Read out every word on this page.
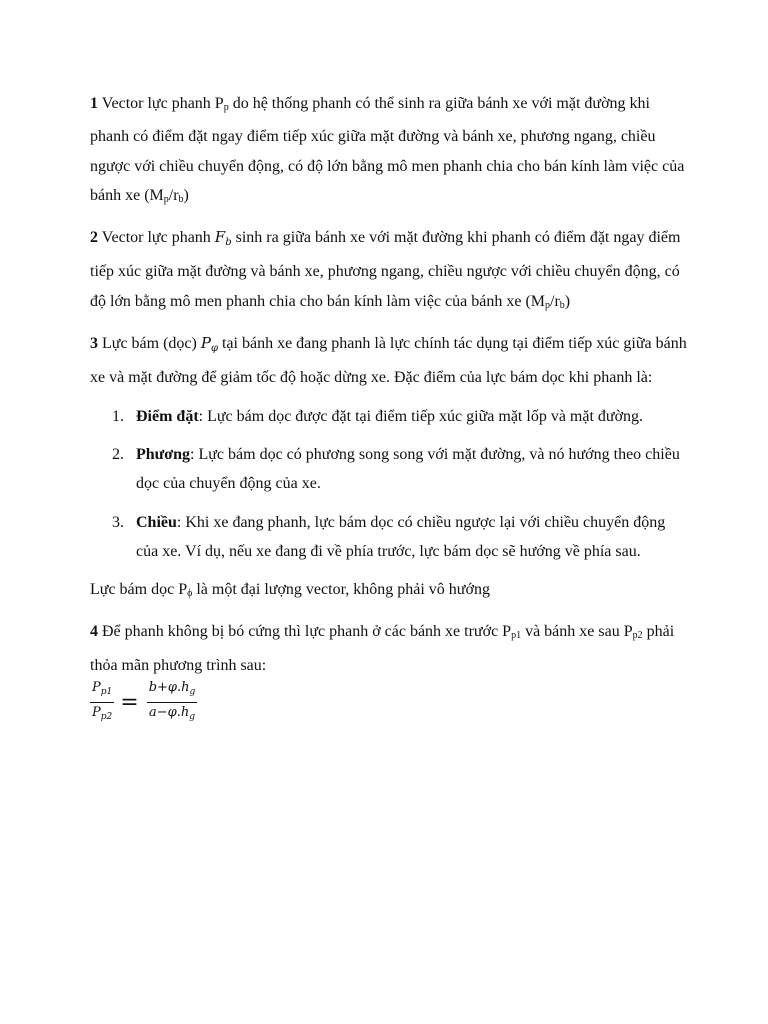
1 Vector lực phanh $P_p$ do hệ thống phanh có thể sinh ra giữa bánh xe với mặt đường khi phanh có điểm đặt ngay điểm tiếp xúc giữa mặt đường và bánh xe, phương ngang, chiều ngược với chiều chuyển động, có độ lớn bằng mô men phanh chia cho bán kính làm việc của bánh xe $(M_p/r_b)$

2 Vector lực phanh $F_b$ sinh ra giữa bánh xe với mặt đường khi phanh có điểm đặt ngay điểm tiếp xúc giữa mặt đường và bánh xe, phương ngang, chiều ngược với chiều chuyển động, có độ lớn bằng mô men phanh chia cho bán kính làm việc của bánh xe $(M_p/r_b)$

3 Lực bám (dọc) $P_\varphi$ tại bánh xe đang phanh là lực chính tác dụng tại điểm tiếp xúc giữa bánh xe và mặt đường để giảm tốc độ hoặc dừng xe. Đặc điểm của lực bám dọc khi phanh là:

1. Điểm đặt: Lực bám dọc được đặt tại điểm tiếp xúc giữa mặt lốp và mặt đường.
2. Phương: Lực bám dọc có phương song song với mặt đường, và nó hướng theo chiều dọc của chuyển động của xe.
3. Chiều: Khi xe đang phanh, lực bám dọc có chiều ngược lại với chiều chuyển động của xe. Ví dụ, nếu xe đang đi về phía trước, lực bám dọc sẽ hướng về phía sau.

Lực bám dọc $P_\phi$ là một đại lượng vector, không phải vô hướng

4 Để phanh không bị bó cứng thì lực phanh ở các bánh xe trước $P_{p1}$ và bánh xe sau $P_{p2}$ phải thỏa mãn phương trình sau:

$\frac{P_{p1}}{P_{p2}} = \frac{b+\varphi.h_g}{a-\varphi.h_g}$
